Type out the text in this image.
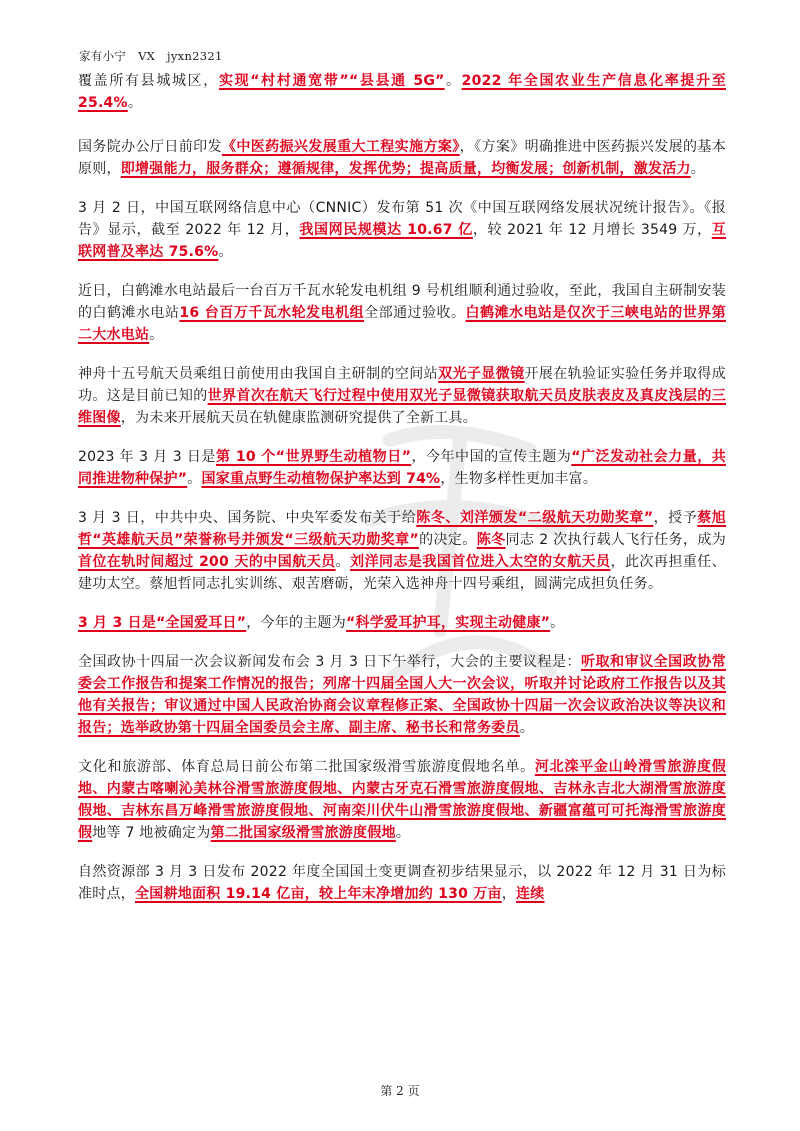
家有小宁   VX   jyxn2321

覆盖所有县城城区，实现“村村通宽带”“县县通 5G”。2022 年全国农业生产信息化率提升至 25.4%。

国务院办公厅日前印发《中医药振兴发展重大工程实施方案》，《方案》明确推进中医药振兴发展的基本原则，即增强能力，服务群众；遵循规律，发挥优势；提高质量，均衡发展；创新机制，激发活力。

3 月 2 日，中国互联网络信息中心（CNNIC）发布第 51 次《中国互联网络发展状况统计报告》。《报告》显示，截至 2022 年 12 月，我国网民规模达 10.67 亿，较 2021 年 12 月增长 3549 万，互联网普及率达 75.6%。

近日，白鹤滩水电站最后一台百万千瓦水轮发电机组 9 号机组顺利通过验收，至此，我国自主研制安装的白鹤滩水电站16 台百万千瓦水轮发电机组全部通过验收。白鹤滩水电站是仅次于三峡电站的世界第二大水电站。

神舟十五号航天员乘组日前使用由我国自主研制的空间站双光子显微镜开展在轨验证实验任务并取得成功。这是目前已知的世界首次在航天飞行过程中使用双光子显微镜获取航天员皮肤表皮及真皮浅层的三维图像，为未来开展航天员在轨健康监测研究提供了全新工具。

2023 年 3 月 3 日是第 10 个“世界野生动植物日”，今年中国的宣传主题为“广泛发动社会力量，共同推进物种保护”。国家重点野生动植物保护率达到 74%，生物多样性更加丰富。

3 月 3 日，中共中央、国务院、中央军委发布关于给陈冬、刘洋颁发“二级航天功勋奖章”，授予蔡旭哲“英雄航天员”荣誉称号并颁发“三级航天功勋奖章”的决定。陈冬同志 2 次执行载人飞行任务，成为首位在轨时间超过 200 天的中国航天员。刘洋同志是我国首位进入太空的女航天员，此次再担重任、建功太空。蔡旭哲同志扎实训练、艰苦磨砺，光荣入选神舟十四号乘组，圆满完成担负任务。

3 月 3 日是“全国爱耳日”，今年的主题为“科学爱耳护耳，实现主动健康”。

全国政协十四届一次会议新闻发布会 3 月 3 日下午举行，大会的主要议程是：听取和审议全国政协常委会工作报告和提案工作情况的报告；列席十四届全国人大一次会议，听取并讨论政府工作报告以及其他有关报告；审议通过中国人民政治协商会议章程修正案、全国政协十四届一次会议政治决议等决议和报告；选举政协第十四届全国委员会主席、副主席、秘书长和常务委员。

文化和旅游部、体育总局日前公布第二批国家级滑雪旅游度假地名单。河北滦平金山岭滑雪旅游度假地、内蒙古喀喇沁美林谷滑雪旅游度假地、内蒙古牙克石滑雪旅游度假地、吉林永吉北大湖滑雪旅游度假地、吉林东昌万峰滑雪旅游度假地、河南栾川伏牛山滑雪旅游度假地、新疆富蕴可可托海滑雪旅游度假地等 7 地被确定为第二批国家级滑雪旅游度假地。

自然资源部 3 月 3 日发布 2022 年度全国国土变更调查初步结果显示，以 2022 年 12 月 31 日为标准时点，全国耕地面积 19.14 亿亩，较上年末净增加约 130 万亩，连续

第 2 页
